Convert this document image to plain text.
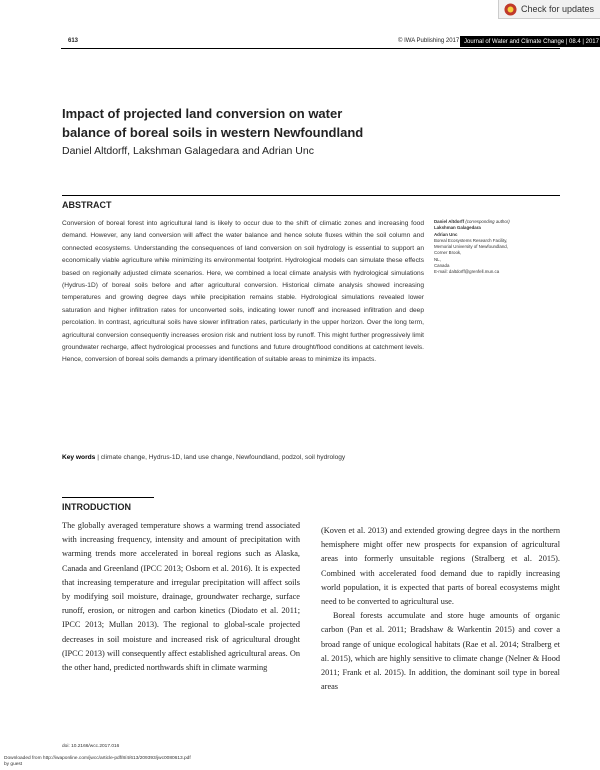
Check for updates
613	© IWA Publishing 2017 Journal of Water and Climate Change | 08.4 | 2017
Impact of projected land conversion on water balance of boreal soils in western Newfoundland
Daniel Altdorff, Lakshman Galagedara and Adrian Unc
ABSTRACT
Conversion of boreal forest into agricultural land is likely to occur due to the shift of climatic zones and increasing food demand. However, any land conversion will affect the water balance and hence solute fluxes within the soil column and connected ecosystems. Understanding the consequences of land conversion on soil hydrology is essential to support an economically viable agriculture while minimizing its environmental footprint. Hydrological models can simulate these effects based on regionally adjusted climate scenarios. Here, we combined a local climate analysis with hydrological simulations (Hydrus-1D) of boreal soils before and after agricultural conversion. Historical climate analysis showed increasing temperatures and growing degree days while precipitation remains stable. Hydrological simulations revealed lower saturation and higher infiltration rates for unconverted soils, indicating lower runoff and increased infiltration and deep percolation. In contrast, agricultural soils have slower infiltration rates, particularly in the upper horizon. Over the long term, agricultural conversion consequently increases erosion risk and nutrient loss by runoff. This might further progressively limit groundwater recharge, affect hydrological processes and functions and future drought/flood conditions at catchment levels. Hence, conversion of boreal soils demands a primary identification of suitable areas to minimize its impacts.
Key words | climate change, Hydrus-1D, land use change, Newfoundland, podzol, soil hydrology
Daniel Altdorff (corresponding author)
Lakshman Galagedara
Adrian Unc
Boreal Ecosystems Research Facility,
Memorial University of Newfoundland,
Corner Brook,
NL,
Canada
E-mail: daltdorff@grenfell.mun.ca
INTRODUCTION

The globally averaged temperature shows a warming trend associated with increasing frequency, intensity and amount of precipitation with warming trends more accelerated in boreal regions such as Alaska, Canada and Greenland (IPCC 2013; Osborn et al. 2016). It is expected that increasing temperature and irregular precipitation will affect soils by modifying soil moisture, drainage, groundwater recharge, surface runoff, erosion, or nitrogen and carbon kinetics (Diodato et al. 2011; IPCC 2013; Mullan 2013). The regional to global-scale projected decreases in soil moisture and increased risk of agricultural drought (IPCC 2013) will consequently affect established agricultural areas. On the other hand, predicted northwards shift in climate warming

(Koven et al. 2013) and extended growing degree days in the northern hemisphere might offer new prospects for expansion of agricultural areas into formerly unsuitable regions (Stralberg et al. 2015). Combined with accelerated food demand due to rapidly increasing world population, it is expected that parts of boreal ecosystems might need to be converted to agricultural use.

Boreal forests accumulate and store huge amounts of organic carbon (Pan et al. 2011; Bradshaw & Warkentin 2015) and cover a broad range of unique ecological habitats (Rae et al. 2014; Stralberg et al. 2015), which are highly sensitive to climate change (Nelner & Hood 2011; Frank et al. 2015). In addition, the dominant soil type in boreal areas

doi: 10.2166/wcc.2017.016
Downloaded from http://iwaponline.com/jwcc/article-pdf/8/4/613/209393/jwc0080613.pdf
by guest
